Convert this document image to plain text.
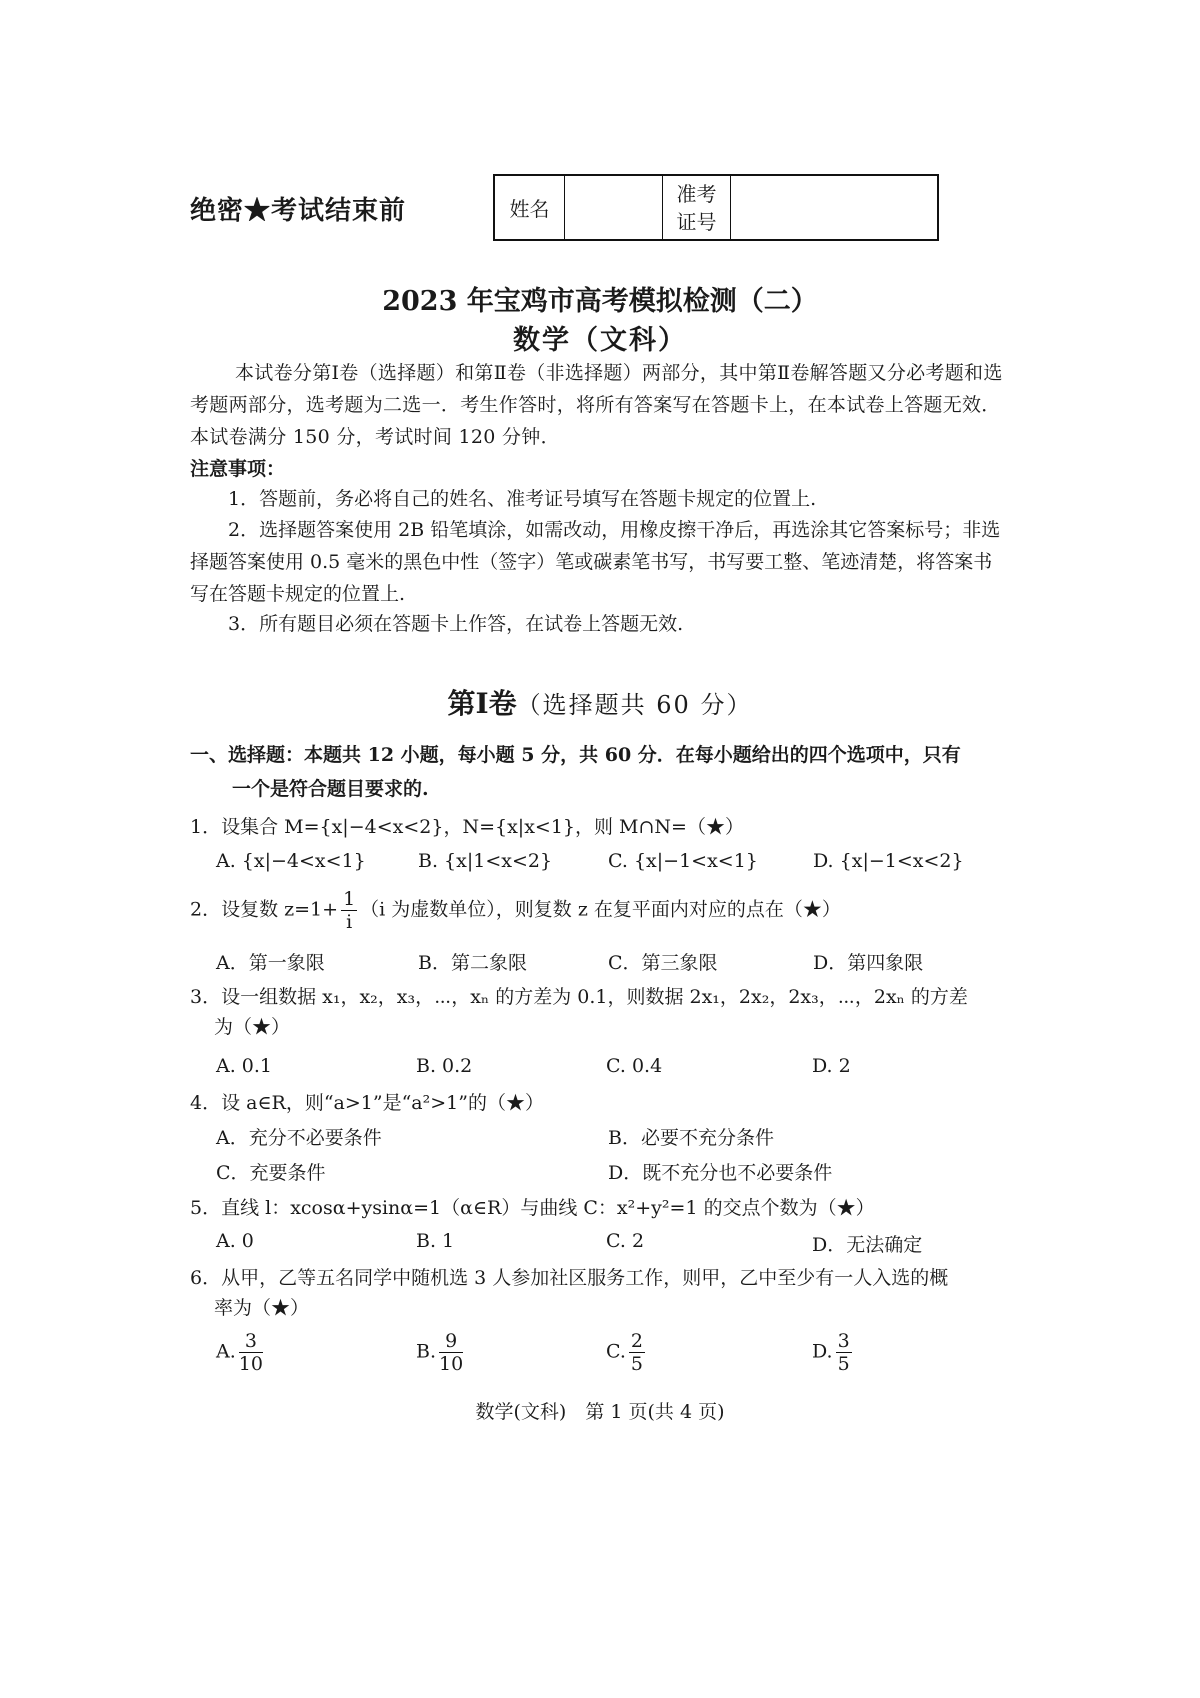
绝密★考试结束前	姓名
准考
证号
2023 年宝鸡市高考模拟检测（二）
数学（文科）
本试卷分第Ⅰ卷（选择题）和第Ⅱ卷（非选择题）两部分，其中第Ⅱ卷解答题又分必考题和选考题两部分，选考题为二选一．考生作答时，将所有答案写在答题卡上，在本试卷上答题无效．本试卷满分 150 分，考试时间 120 分钟．
注意事项：
1．答题前，务必将自己的姓名、准考证号填写在答题卡规定的位置上.
2．选择题答案使用 2B 铅笔填涂，如需改动，用橡皮擦干净后，再选涂其它答案标号；非选择题答案使用 0.5 毫米的黑色中性（签字）笔或碳素笔书写，书写要工整、笔迹清楚，将答案书写在答题卡规定的位置上.
3．所有题目必须在答题卡上作答，在试卷上答题无效.
第Ⅰ卷（选择题共 60 分）
一、选择题：本题共 12 小题，每小题 5 分，共 60 分．在每小题给出的四个选项中，只有
一个是符合题目要求的.
1．设集合 M={x|−4<x<2}，N={x|x<1}，则 M∩N=（★）
A. {x|−4<x<1}	B. {x|1<x<2}	C. {x|−1<x<1}	D. {x|−1<x<2}
2．设复数 $z=1+ \frac{1}{i} (i$ 为虚数单位），则复数 z 在复平面内对应的点在（★）
A．第一象限	B．第二象限	C．第三象限	D．第四象限
3．设一组数据 x₁，x₂，x₃，⋯，xₙ 的方差为 0.1，则数据 2x₁，2x₂，2x₃，⋯，2xₙ 的方差
为（★）
A. 0.1	B. 0.2	C. 0.4	D. 2
4．设 a∈R，则“a>1”是“a²>1”的（★）
A．充分不必要条件	B．必要不充分条件
C．充要条件	D．既不充分也不必要条件
5．直线 l：xcosα+ysinα=1（α∈R）与曲线 C：x²+y²=1 的交点个数为（★）
A. 0	B. 1	C. 2	D．无法确定
6．从甲，乙等五名同学中随机选 3 人参加社区服务工作，则甲，乙中至少有一人入选的概
率为（★）
A. $\frac{3}{10}$	B. $\frac{9}{10}$	C. $\frac{2}{5}$	D. $\frac{3}{5}$
数学(文科)　第 1 页(共 4 页)
